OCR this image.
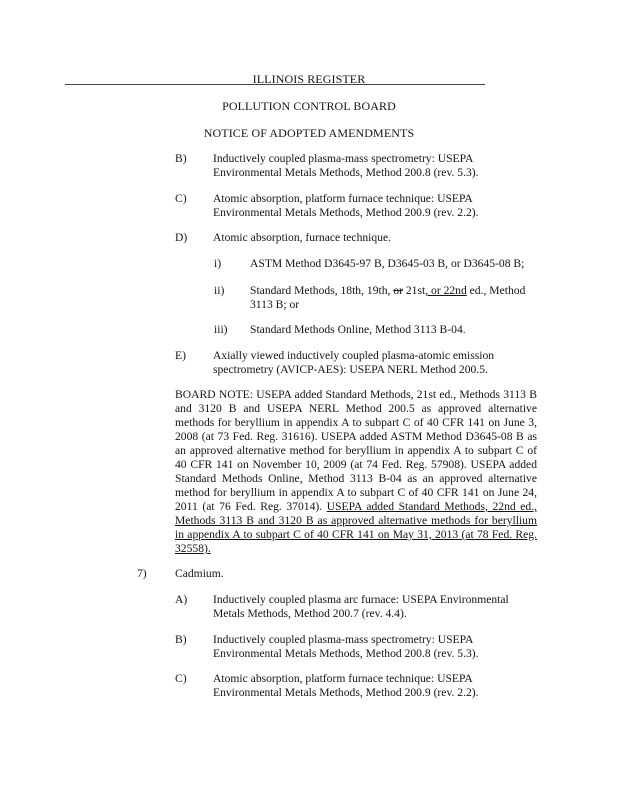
ILLINOIS REGISTER
POLLUTION CONTROL BOARD
NOTICE OF ADOPTED AMENDMENTS
B) Inductively coupled plasma-mass spectrometry: USEPA Environmental Metals Methods, Method 200.8 (rev. 5.3).

C) Atomic absorption, platform furnace technique: USEPA Environmental Metals Methods, Method 200.9 (rev. 2.2).

D) Atomic absorption, furnace technique.

i) ASTM Method D3645-97 B, D3645-03 B, or D3645-08 B;

ii) Standard Methods, 18th, 19th, or 21st, or 22nd ed., Method 3113 B; or

iii) Standard Methods Online, Method 3113 B-04.

E) Axially viewed inductively coupled plasma-atomic emission spectrometry (AVICP-AES): USEPA NERL Method 200.5.

BOARD NOTE: USEPA added Standard Methods, 21st ed., Methods 3113 B and 3120 B and USEPA NERL Method 200.5 as approved alternative methods for beryllium in appendix A to subpart C of 40 CFR 141 on June 3, 2008 (at 73 Fed. Reg. 31616). USEPA added ASTM Method D3645-08 B as an approved alternative method for beryllium in appendix A to subpart C of 40 CFR 141 on November 10, 2009 (at 74 Fed. Reg. 57908). USEPA added Standard Methods Online, Method 3113 B-04 as an approved alternative method for beryllium in appendix A to subpart C of 40 CFR 141 on June 24, 2011 (at 76 Fed. Reg. 37014). USEPA added Standard Methods, 22nd ed., Methods 3113 B and 3120 B as approved alternative methods for beryllium in appendix A to subpart C of 40 CFR 141 on May 31, 2013 (at 78 Fed. Reg. 32558).

7) Cadmium.
A) Inductively coupled plasma arc furnace: USEPA Environmental Metals Methods, Method 200.7 (rev. 4.4).

B) Inductively coupled plasma-mass spectrometry: USEPA Environmental Metals Methods, Method 200.8 (rev. 5.3).

C) Atomic absorption, platform furnace technique: USEPA Environmental Metals Methods, Method 200.9 (rev. 2.2).
